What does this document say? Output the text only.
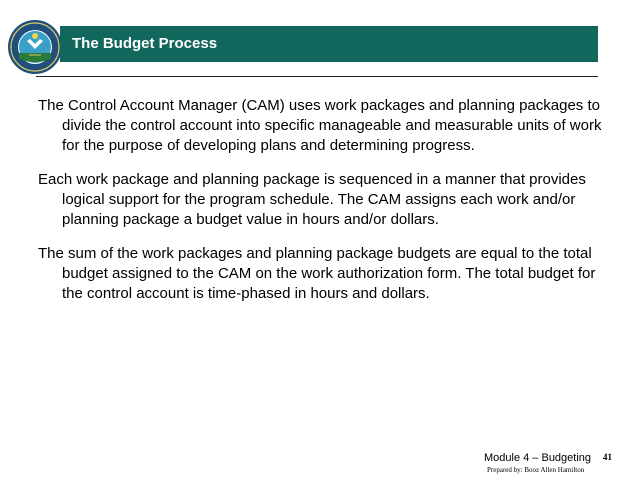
The Budget Process

The Control Account Manager (CAM) uses work packages and planning packages to divide the control account into specific manageable and measurable units of work for the purpose of developing plans and determining progress.

Each work package and planning package is sequenced in a manner that provides logical support for the program schedule. The CAM assigns each work and/or planning package a budget value in hours and/or dollars.

The sum of the work packages and planning package budgets are equal to the total budget assigned to the CAM on the work authorization form. The total budget for the control account is time-phased in hours and dollars.

Module 4 – Budgeting 41
Prepared by: Booz Allen Hamilton
